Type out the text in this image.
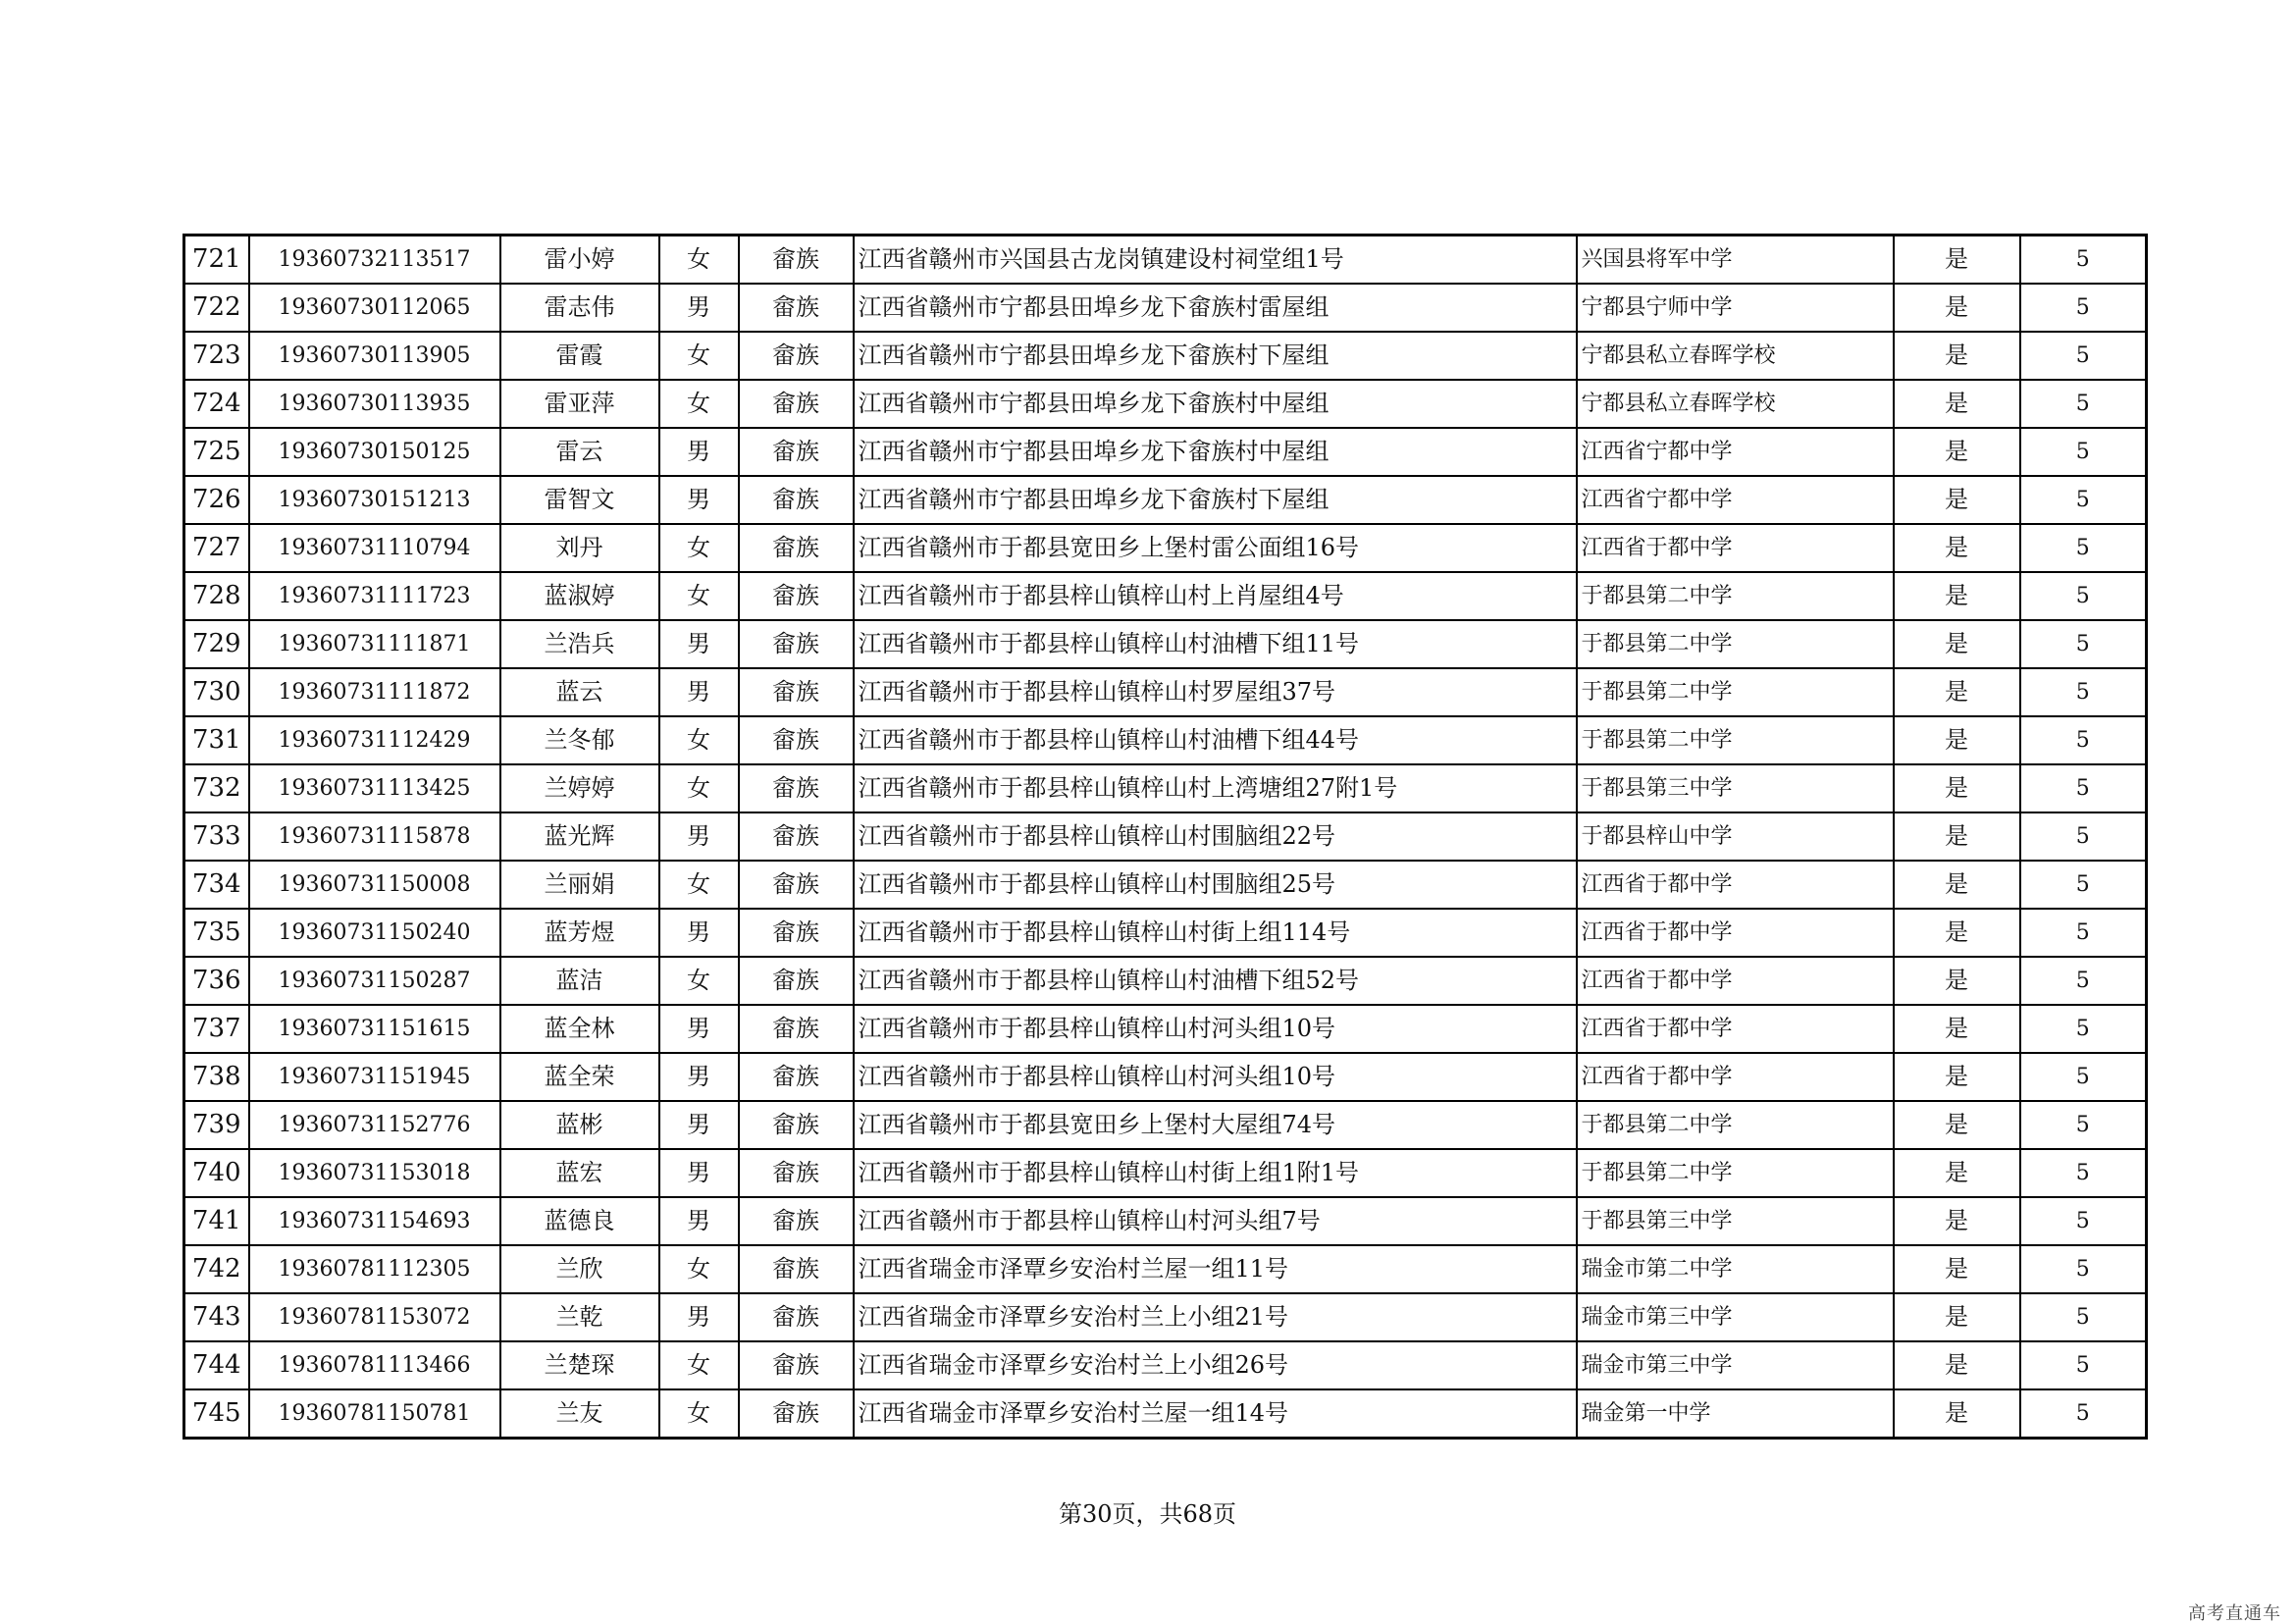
721	19360732113517	雷小婷	女	畲族	江西省赣州市兴国县古龙岗镇建设村祠堂组1号	兴国县将军中学	是	5
722	19360730112065	雷志伟	男	畲族	江西省赣州市宁都县田埠乡龙下畲族村雷屋组	宁都县宁师中学	是	5
723	19360730113905	雷霞	女	畲族	江西省赣州市宁都县田埠乡龙下畲族村下屋组	宁都县私立春晖学校	是	5
724	19360730113935	雷亚萍	女	畲族	江西省赣州市宁都县田埠乡龙下畲族村中屋组	宁都县私立春晖学校	是	5
725	19360730150125	雷云	男	畲族	江西省赣州市宁都县田埠乡龙下畲族村中屋组	江西省宁都中学	是	5
726	19360730151213	雷智文	男	畲族	江西省赣州市宁都县田埠乡龙下畲族村下屋组	江西省宁都中学	是	5
727	19360731110794	刘丹	女	畲族	江西省赣州市于都县宽田乡上堡村雷公面组16号	江西省于都中学	是	5
728	19360731111723	蓝淑婷	女	畲族	江西省赣州市于都县梓山镇梓山村上肖屋组4号	于都县第二中学	是	5
729	19360731111871	兰浩兵	男	畲族	江西省赣州市于都县梓山镇梓山村油槽下组11号	于都县第二中学	是	5
730	19360731111872	蓝云	男	畲族	江西省赣州市于都县梓山镇梓山村罗屋组37号	于都县第二中学	是	5
731	19360731112429	兰冬郁	女	畲族	江西省赣州市于都县梓山镇梓山村油槽下组44号	于都县第二中学	是	5
732	19360731113425	兰婷婷	女	畲族	江西省赣州市于都县梓山镇梓山村上湾塘组27附1号	于都县第三中学	是	5
733	19360731115878	蓝光辉	男	畲族	江西省赣州市于都县梓山镇梓山村围脑组22号	于都县梓山中学	是	5
734	19360731150008	兰丽娟	女	畲族	江西省赣州市于都县梓山镇梓山村围脑组25号	江西省于都中学	是	5
735	19360731150240	蓝芳煜	男	畲族	江西省赣州市于都县梓山镇梓山村街上组114号	江西省于都中学	是	5
736	19360731150287	蓝洁	女	畲族	江西省赣州市于都县梓山镇梓山村油槽下组52号	江西省于都中学	是	5
737	19360731151615	蓝全林	男	畲族	江西省赣州市于都县梓山镇梓山村河头组10号	江西省于都中学	是	5
738	19360731151945	蓝全荣	男	畲族	江西省赣州市于都县梓山镇梓山村河头组10号	江西省于都中学	是	5
739	19360731152776	蓝彬	男	畲族	江西省赣州市于都县宽田乡上堡村大屋组74号	于都县第二中学	是	5
740	19360731153018	蓝宏	男	畲族	江西省赣州市于都县梓山镇梓山村街上组1附1号	于都县第二中学	是	5
741	19360731154693	蓝德良	男	畲族	江西省赣州市于都县梓山镇梓山村河头组7号	于都县第三中学	是	5
742	19360781112305	兰欣	女	畲族	江西省瑞金市泽覃乡安治村兰屋一组11号	瑞金市第二中学	是	5
743	19360781153072	兰乾	男	畲族	江西省瑞金市泽覃乡安治村兰上小组21号	瑞金市第三中学	是	5
744	19360781113466	兰楚琛	女	畲族	江西省瑞金市泽覃乡安治村兰上小组26号	瑞金市第三中学	是	5
745	19360781150781	兰友	女	畲族	江西省瑞金市泽覃乡安治村兰屋一组14号	瑞金第一中学	是	5
第30页，共68页
高考直通车
